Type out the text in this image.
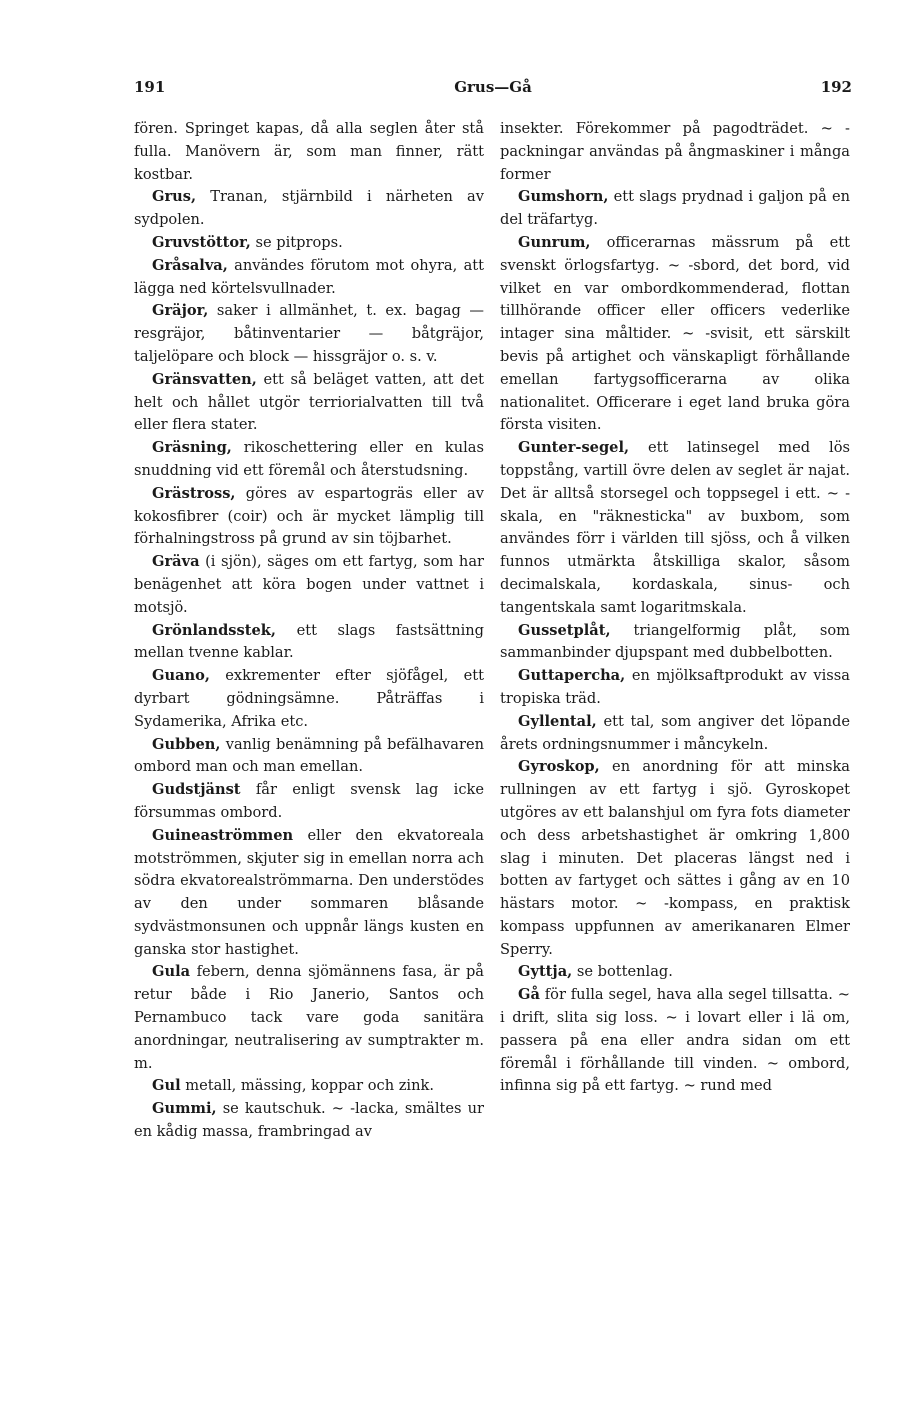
191	Grus—Gå	192

fören. Springet kapas, då alla seglen åter stå fulla. Manövern är, som man finner, rätt kostbar.

Grus, Tranan, stjärnbild i närheten av sydpolen.

Gruvstöttor, se pitprops.

Gråsalva, användes förutom mot ohyra, att lägga ned körtelsvullnader.

Gräjor, saker i allmänhet, t. ex. bagag — resgräjor, båtinventarier — båtgräjor, taljelöpare och block — hissgräjor o. s. v.

Gränsvatten, ett så beläget vatten, att det helt och hållet utgör terriorialvatten till två eller flera stater.

Gräsning, rikoschettering eller en kulas snuddning vid ett föremål och återstudsning.

Grästross, göres av espartogräs eller av kokosfibrer (coir) och är mycket lämplig till förhalningstross på grund av sin töjbarhet.

Gräva (i sjön), säges om ett fartyg, som har benägenhet att köra bogen under vattnet i motsjö.

Grönlandsstek, ett slags fastsättning mellan tvenne kablar.

Guano, exkrementer efter sjöfågel, ett dyrbart gödningsämne. Påträffas i Sydamerika, Afrika etc.

Gubben, vanlig benämning på befälhavaren ombord man och man emellan.

Gudstjänst får enligt svensk lag icke försummas ombord.

Guineaströmmen eller den ekvatoreala motströmmen, skjuter sig in emellan norra ach södra ekvatorealströmmarna. Den understödes av den under sommaren blåsande sydvästmonsunen och uppnår längs kusten en ganska stor hastighet.

Gula febern, denna sjömännens fasa, är på retur både i Rio Janerio, Santos och Pernambuco tack vare goda sanitära anordningar, neutralisering av sumptrakter m. m.

Gul metall, mässing, koppar och zink.

Gummi, se kautschuk. ~ -lacka, smältes ur en kådig massa, frambringad av

insekter. Förekommer på pagodträdet. ~ -packningar användas på ångmaskiner i många former

Gumshorn, ett slags prydnad i galjon på en del träfartyg.

Gunrum, officerarnas mässrum på ett svenskt örlogsfartyg. ~ -sbord, det bord, vid vilket en var ombordkommenderad, flottan tillhörande officer eller officers vederlike intager sina måltider. ~ -svisit, ett särskilt bevis på artighet och vänskapligt förhållande emellan fartygsofficerarna av olika nationalitet. Officerare i eget land bruka göra första visiten.

Gunter-segel, ett latinsegel med lös toppstång, vartill övre delen av seglet är najat. Det är alltså storsegel och toppsegel i ett. ~ -skala, en "räknesticka" av buxbom, som användes förr i världen till sjöss, och å vilken funnos utmärkta åtskilliga skalor, såsom decimalskala, kordaskala, sinus- och tangentskala samt logaritmskala.

Gussetplåt, triangelformig plåt, som sammanbinder djupspant med dubbelbotten.

Guttapercha, en mjölksaftprodukt av vissa tropiska träd.

Gyllental, ett tal, som angiver det löpande årets ordningsnummer i måncykeln.

Gyroskop, en anordning för att minska rullningen av ett fartyg i sjö. Gyroskopet utgöres av ett balanshjul om fyra fots diameter och dess arbetshastighet är omkring 1,800 slag i minuten. Det placeras längst ned i botten av fartyget och sättes i gång av en 10 hästars motor. ~ -kompass, en praktisk kompass uppfunnen av amerikanaren Elmer Sperry.

Gyttja, se bottenlag.

Gå för fulla segel, hava alla segel tillsatta. ~ i drift, slita sig loss. ~ i lovart eller i lä om, passera på ena eller andra sidan om ett föremål i förhållande till vinden. ~ ombord, infinna sig på ett fartyg. ~ rund med
